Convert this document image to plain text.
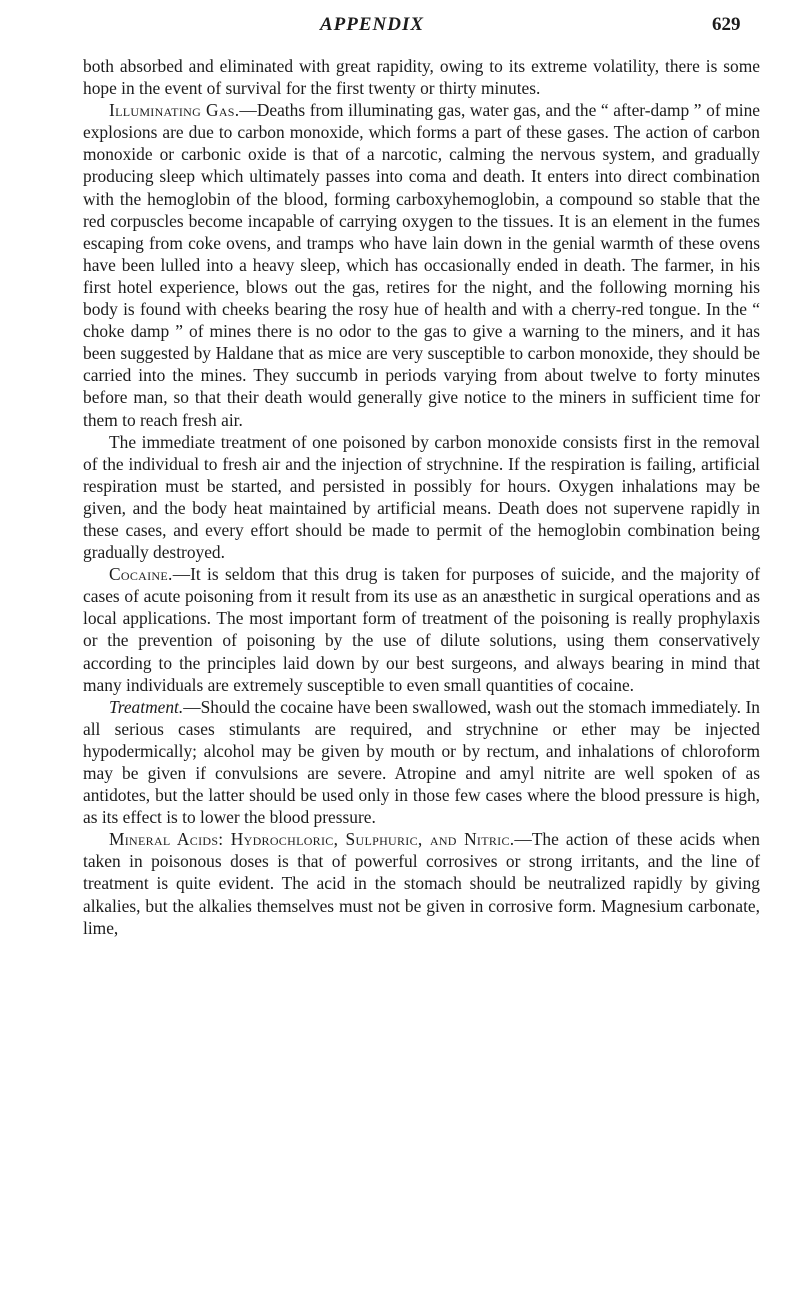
APPENDIX	629

both absorbed and eliminated with great rapidity, owing to its extreme volatility, there is some hope in the event of survival for the first twenty or thirty minutes.

Illuminating Gas.—Deaths from illuminating gas, water gas, and the “ after-damp ” of mine explosions are due to carbon monoxide, which forms a part of these gases. The action of carbon monoxide or carbonic oxide is that of a narcotic, calming the nervous system, and gradually producing sleep which ultimately passes into coma and death. It enters into direct combination with the hemoglobin of the blood, forming carboxyhemoglobin, a compound so stable that the red corpuscles become incapable of carrying oxygen to the tissues. It is an element in the fumes escaping from coke ovens, and tramps who have lain down in the genial warmth of these ovens have been lulled into a heavy sleep, which has occasionally ended in death. The farmer, in his first hotel experience, blows out the gas, retires for the night, and the following morning his body is found with cheeks bearing the rosy hue of health and with a cherry-red tongue. In the “ choke damp ” of mines there is no odor to the gas to give a warning to the miners, and it has been suggested by Haldane that as mice are very susceptible to carbon monoxide, they should be carried into the mines. They succumb in periods varying from about twelve to forty minutes before man, so that their death would generally give notice to the miners in sufficient time for them to reach fresh air.

The immediate treatment of one poisoned by carbon monoxide consists first in the removal of the individual to fresh air and the injection of strychnine. If the respiration is failing, artificial respiration must be started, and persisted in possibly for hours. Oxygen inhalations may be given, and the body heat maintained by artificial means. Death does not supervene rapidly in these cases, and every effort should be made to permit of the hemoglobin combination being gradually destroyed.

Cocaine.—It is seldom that this drug is taken for purposes of suicide, and the majority of cases of acute poisoning from it result from its use as an anæsthetic in surgical operations and as local applications. The most important form of treatment of the poisoning is really prophylaxis or the prevention of poisoning by the use of dilute solutions, using them conservatively according to the principles laid down by our best surgeons, and always bearing in mind that many individuals are extremely susceptible to even small quantities of cocaine.

Treatment.—Should the cocaine have been swallowed, wash out the stomach immediately. In all serious cases stimulants are required, and strychnine or ether may be injected hypodermically; alcohol may be given by mouth or by rectum, and inhalations of chloroform may be given if convulsions are severe. Atropine and amyl nitrite are well spoken of as antidotes, but the latter should be used only in those few cases where the blood pressure is high, as its effect is to lower the blood pressure.

Mineral Acids: Hydrochloric, Sulphuric, and Nitric.—The action of these acids when taken in poisonous doses is that of powerful corrosives or strong irritants, and the line of treatment is quite evident. The acid in the stomach should be neutralized rapidly by giving alkalies, but the alkalies themselves must not be given in corrosive form. Magnesium carbonate, lime,
